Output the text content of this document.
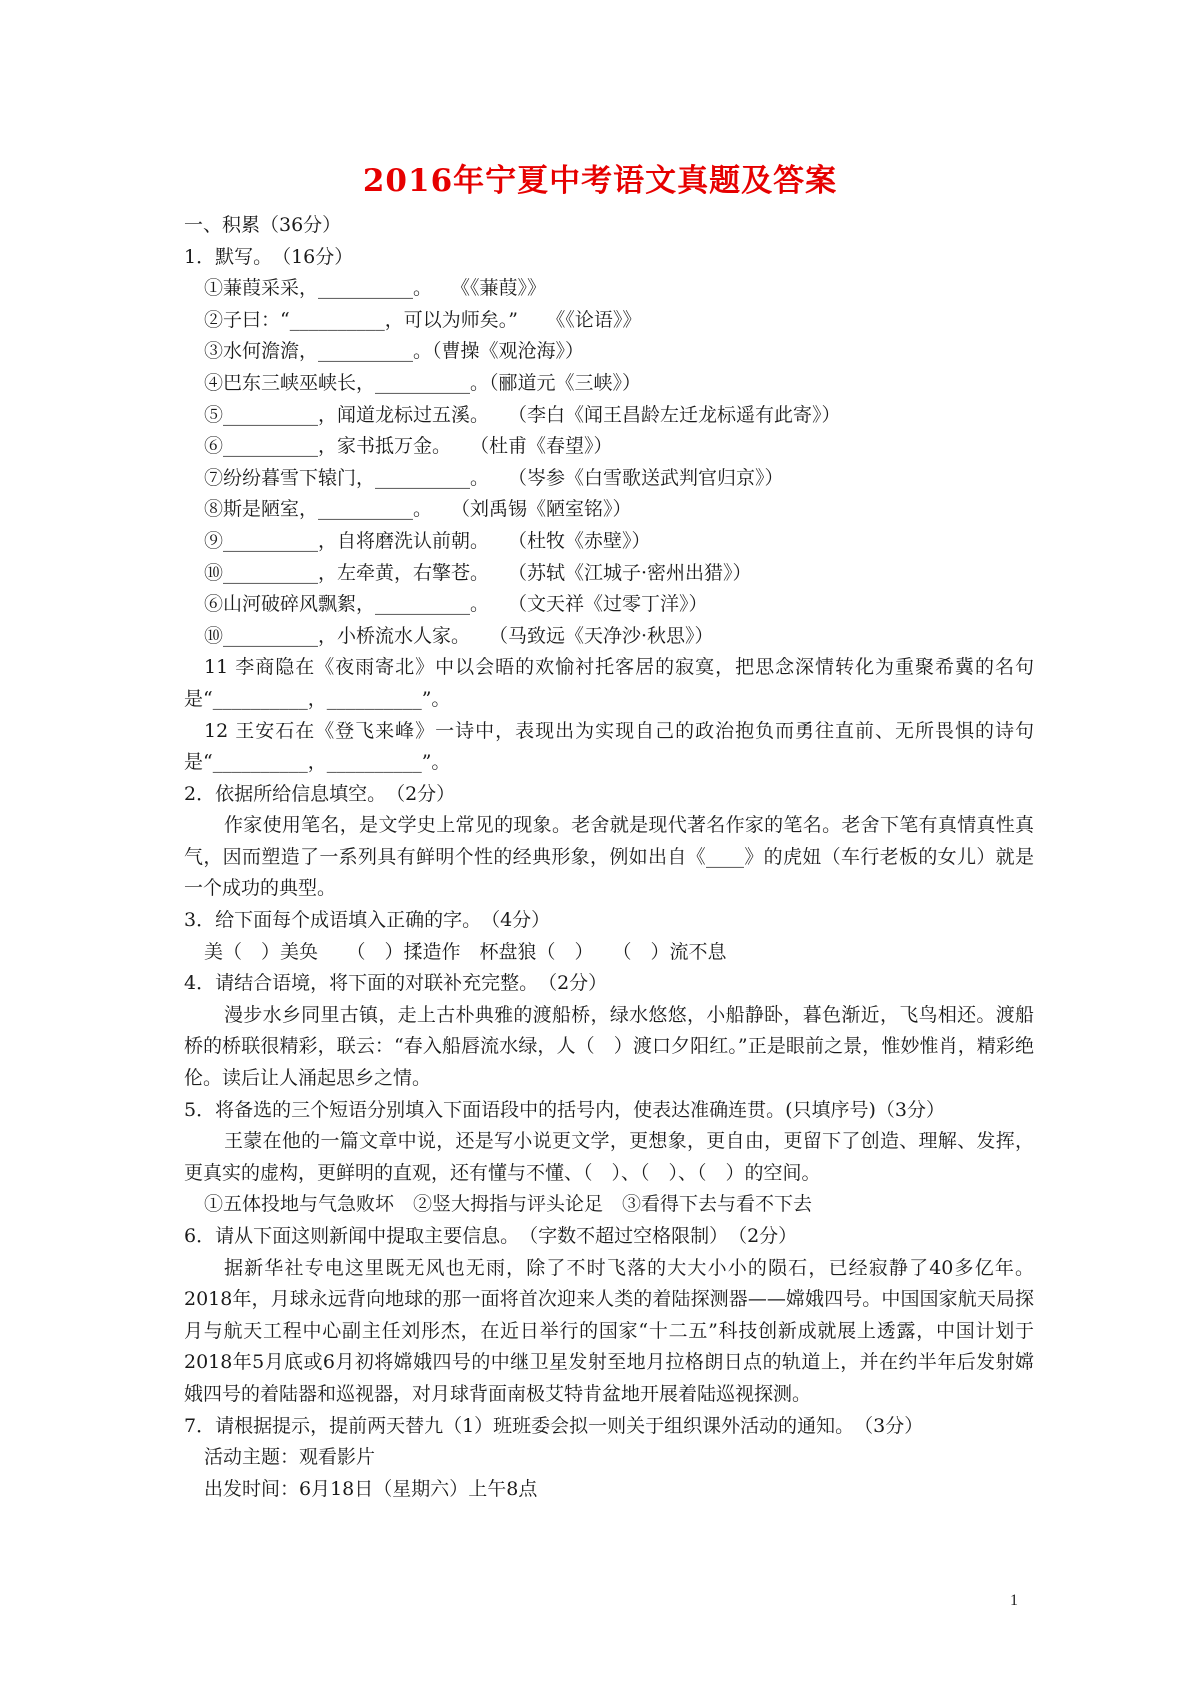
2016年宁夏中考语文真题及答案
一、积累（36分）
1．默写。　（16分）
①蒹葭采采，__________。　　《《蒹葭》》
②子曰：“__________，可以为师矣。”　　《《论语》》
③水何澹澹，__________。（曹操《观沧海》）
④巴东三峡巫峡长，__________。（郦道元《三峡》）
⑤__________，闻道龙标过五溪。　　（李白《闻王昌龄左迁龙标遥有此寄》）
⑥__________，家书抵万金。　　（杜甫《春望》）
⑦纷纷暮雪下辕门，__________。　　（岑参《白雪歌送武判官归京》）
⑧斯是陋室，__________。　　（刘禹锡《陋室铭》）
⑨__________，自将磨洗认前朝。　　（杜牧《赤壁》）
⑩__________，左牵黄，右擎苍。　　（苏轼《江城子·密州出猎》）
⑥山河破碎风飘絮，__________。　　（文天祥《过零丁洋》）
⑩__________，小桥流水人家。　　（马致远《天净沙·秋思》）
11 李商隐在《夜雨寄北》中以会晤的欢愉衬托客居的寂寞，把思念深情转化为重聚希冀的名句是“__________，__________”。
12 王安石在《登飞来峰》一诗中，表现出为实现自己的政治抱负而勇往直前、无所畏惧的诗句是“__________，__________”。
2．依据所给信息填空。　（2分）
作家使用笔名，是文学史上常见的现象。老舍就是现代著名作家的笔名。老舍下笔有真情真性真气，因而塑造了一系列具有鲜明个性的经典形象，例如出自《____》的虎妞（车行老板的女儿）就是一个成功的典型。
3．给下面每个成语填入正确的字。　（4分）
美（　）美奂　　（　）揉造作　杯盘狼（　）　　（　）流不息
4．请结合语境，将下面的对联补充完整。　（2分）
漫步水乡同里古镇，走上古朴典雅的渡船桥，绿水悠悠，小船静卧，暮色渐近，飞鸟相还。渡船桥的桥联很精彩，联云：“春入船唇流水绿，人（　）渡口夕阳红。”正是眼前之景，惟妙惟肖，精彩绝伦。读后让人涌起思乡之情。
5．将备选的三个短语分别填入下面语段中的括号内，使表达准确连贯。(只填序号)（3分）
王蒙在他的一篇文章中说，还是写小说更文学，更想象，更自由，更留下了创造、理解、发挥，更真实的虚构，更鲜明的直观，还有懂与不懂、（　）、（　）、（　）的空间。
①五体投地与气急败坏　②竖大拇指与评头论足　③看得下去与看不下去
6．请从下面这则新闻中提取主要信息。　（字数不超过空格限制）　（2分）
据新华社专电这里既无风也无雨，除了不时飞落的大大小小的陨石，已经寂静了40多亿年。2018年，月球永远背向地球的那一面将首次迎来人类的着陆探测器——嫦娥四号。中国国家航天局探月与航天工程中心副主任刘彤杰，在近日举行的国家“十二五”科技创新成就展上透露，中国计划于2018年5月底或6月初将嫦娥四号的中继卫星发射至地月拉格朗日点的轨道上，并在约半年后发射嫦娥四号的着陆器和巡视器，对月球背面南极艾特肯盆地开展着陆巡视探测。
7．请根据提示，提前两天替九（1）班班委会拟一则关于组织课外活动的通知。　（3分）
活动主题：观看影片
出发时间：6月18日（星期六）上午8点
1
